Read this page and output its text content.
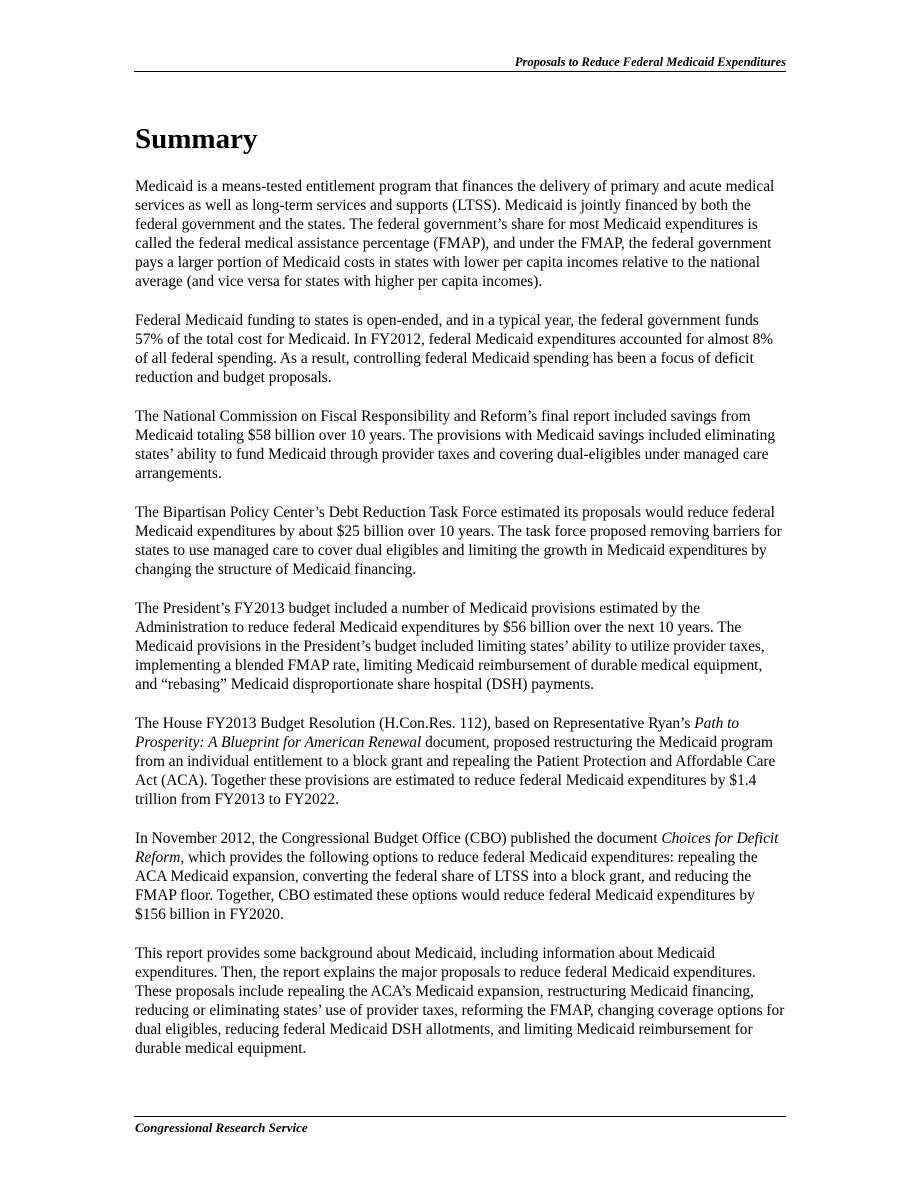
Proposals to Reduce Federal Medicaid Expenditures
Summary

Medicaid is a means-tested entitlement program that finances the delivery of primary and acute medical services as well as long-term services and supports (LTSS). Medicaid is jointly financed by both the federal government and the states. The federal government’s share for most Medicaid expenditures is called the federal medical assistance percentage (FMAP), and under the FMAP, the federal government pays a larger portion of Medicaid costs in states with lower per capita incomes relative to the national average (and vice versa for states with higher per capita incomes).

Federal Medicaid funding to states is open-ended, and in a typical year, the federal government funds 57% of the total cost for Medicaid. In FY2012, federal Medicaid expenditures accounted for almost 8% of all federal spending. As a result, controlling federal Medicaid spending has been a focus of deficit reduction and budget proposals.

The National Commission on Fiscal Responsibility and Reform’s final report included savings from Medicaid totaling $58 billion over 10 years. The provisions with Medicaid savings included eliminating states’ ability to fund Medicaid through provider taxes and covering dual-eligibles under managed care arrangements.

The Bipartisan Policy Center’s Debt Reduction Task Force estimated its proposals would reduce federal Medicaid expenditures by about $25 billion over 10 years. The task force proposed removing barriers for states to use managed care to cover dual eligibles and limiting the growth in Medicaid expenditures by changing the structure of Medicaid financing.

The President’s FY2013 budget included a number of Medicaid provisions estimated by the Administration to reduce federal Medicaid expenditures by $56 billion over the next 10 years. The Medicaid provisions in the President’s budget included limiting states’ ability to utilize provider taxes, implementing a blended FMAP rate, limiting Medicaid reimbursement of durable medical equipment, and “rebasing” Medicaid disproportionate share hospital (DSH) payments.

The House FY2013 Budget Resolution (H.Con.Res. 112), based on Representative Ryan’s Path to Prosperity: A Blueprint for American Renewal document, proposed restructuring the Medicaid program from an individual entitlement to a block grant and repealing the Patient Protection and Affordable Care Act (ACA). Together these provisions are estimated to reduce federal Medicaid expenditures by $1.4 trillion from FY2013 to FY2022.

In November 2012, the Congressional Budget Office (CBO) published the document Choices for Deficit Reform, which provides the following options to reduce federal Medicaid expenditures: repealing the ACA Medicaid expansion, converting the federal share of LTSS into a block grant, and reducing the FMAP floor. Together, CBO estimated these options would reduce federal Medicaid expenditures by $156 billion in FY2020.

This report provides some background about Medicaid, including information about Medicaid expenditures. Then, the report explains the major proposals to reduce federal Medicaid expenditures. These proposals include repealing the ACA’s Medicaid expansion, restructuring Medicaid financing, reducing or eliminating states’ use of provider taxes, reforming the FMAP, changing coverage options for dual eligibles, reducing federal Medicaid DSH allotments, and limiting Medicaid reimbursement for durable medical equipment.

Congressional Research Service
